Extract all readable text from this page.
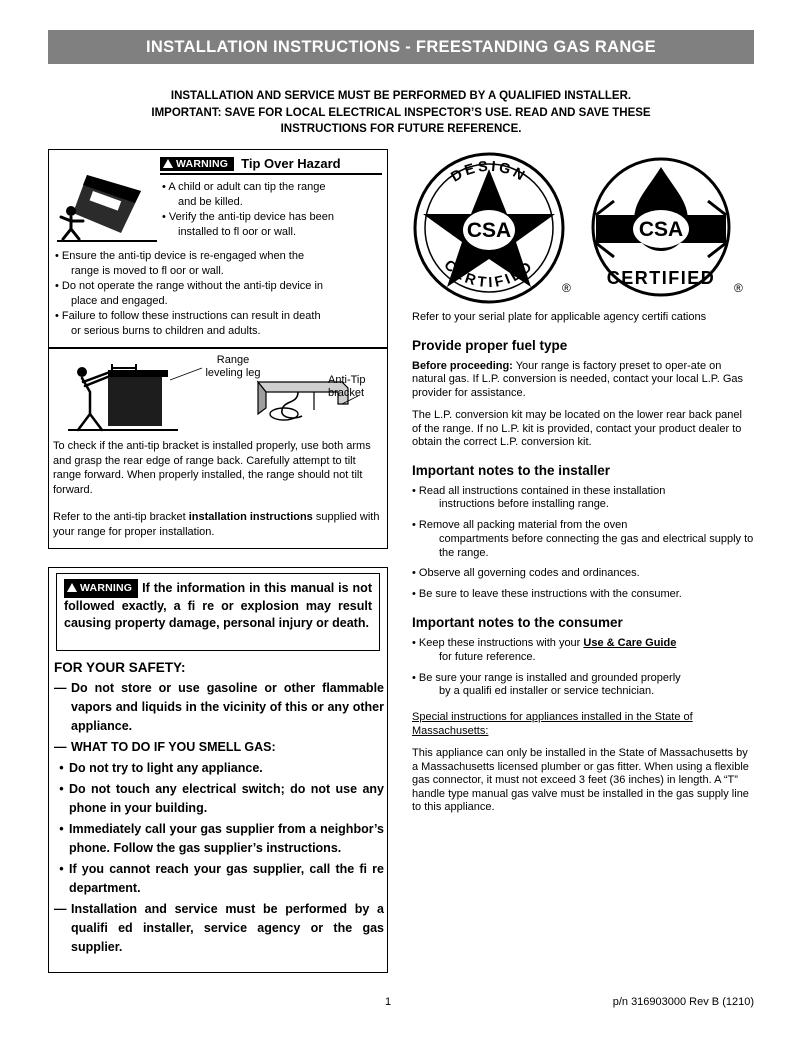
INSTALLATION INSTRUCTIONS - FREESTANDING GAS RANGE
INSTALLATION AND SERVICE MUST BE PERFORMED BY A QUALIFIED INSTALLER.
IMPORTANT: SAVE FOR LOCAL ELECTRICAL INSPECTOR’S USE. READ AND SAVE THESE
INSTRUCTIONS FOR FUTURE REFERENCE.
WARNING	Tip Over Hazard

• A child or adult can tip the range
and be killed.

• Verify the anti-tip device has been
installed to fl oor or wall.

• Ensure the anti-tip device is re-engaged when the
range is moved to fl oor or wall.

• Do not operate the range without the anti-tip device in
place and engaged.

• Failure to follow these instructions can result in death
or serious burns to children and adults.

Range
leveling leg
Anti-Tip
bracket
To check if the anti-tip bracket is installed properly, use both arms and grasp the rear edge of range back. Carefully attempt to tilt range forward. When properly installed, the range should not tilt forward.
Refer to the anti-tip bracket installation instructions supplied with your range for proper installation.
WARNING If the information in this manual is not followed exactly, a fi re or explosion may result causing property damage, personal injury or death.
FOR YOUR SAFETY:
— Do not store or use gasoline or other flammable vapors and liquids in the vicinity of this or any other appliance.
— WHAT TO DO IF YOU SMELL GAS:
• Do not try to light any appliance.
• Do not touch any electrical switch; do not use any phone in your building.
• Immediately call your gas supplier from a neighbor’s phone. Follow the gas supplier’s instructions.
• If you cannot reach your gas supplier, call the fi re department.
— Installation and service must be performed by a qualifi ed installer, service agency or the gas supplier.
CSA
DESIGN
CERTIFIED
®
CSA
CERTIFIED ®

Refer to your serial plate for applicable agency certifi cations

Provide proper fuel type

Before proceeding: Your range is factory preset to oper-ate on natural gas. If L.P. conversion is needed, contact your local L.P. Gas provider for assistance.

The L.P. conversion kit may be located on the lower rear back panel of the range. If no L.P. kit is provided, contact your product dealer to obtain the correct L.P. conversion kit.

Important notes to the installer

• Read all instructions contained in these installation
instructions before installing range.

• Remove all packing material from the oven
compartments before connecting the gas and electrical supply to the range.

• Observe all governing codes and ordinances.

• Be sure to leave these instructions with the consumer.

Important notes to the consumer

• Keep these instructions with your Use & Care Guide
for future reference.

• Be sure your range is installed and grounded properly
by a qualifi ed installer or service technician.

Special instructions for appliances installed in the State of
Massachusetts:

This appliance can only be installed in the State of Massachusetts by a Massachusetts licensed plumber or gas fitter. When using a flexible gas connector, it must not exceed 3 feet (36 inches) in length. A “T” handle type manual gas valve must be installed in the gas supply line to this appliance.

1	p/n 316903000 Rev B (1210)
